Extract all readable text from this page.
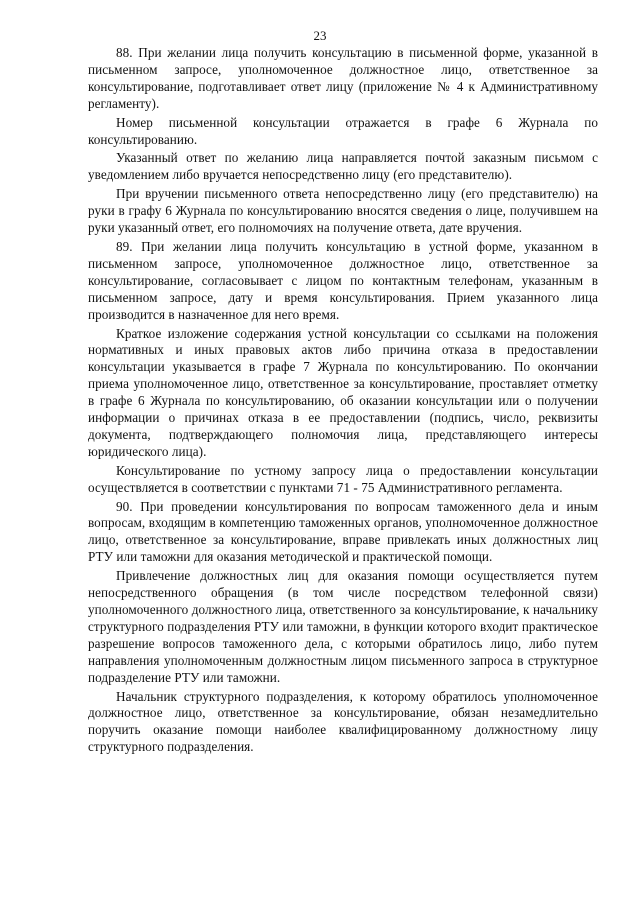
23

88. При желании лица получить консультацию в письменной форме, указанной в письменном запросе, уполномоченное должностное лицо, ответственное за консультирование, подготавливает ответ лицу (приложение № 4 к Административному регламенту).

Номер письменной консультации отражается в графе 6 Журнала по консультированию.

Указанный ответ по желанию лица направляется почтой заказным письмом с уведомлением либо вручается непосредственно лицу (его представителю).

При вручении письменного ответа непосредственно лицу (его представителю) на руки в графу 6 Журнала по консультированию вносятся сведения о лице, получившем на руки указанный ответ, его полномочиях на получение ответа, дате вручения.

89. При желании лица получить консультацию в устной форме, указанном в письменном запросе, уполномоченное должностное лицо, ответственное за консультирование, согласовывает с лицом по контактным телефонам, указанным в письменном запросе, дату и время консультирования. Прием указанного лица производится в назначенное для него время.

Краткое изложение содержания устной консультации со ссылками на положения нормативных и иных правовых актов либо причина отказа в предоставлении консультации указывается в графе 7 Журнала по консультированию. По окончании приема уполномоченное лицо, ответственное за консультирование, проставляет отметку в графе 6 Журнала по консультированию, об оказании консультации или о получении информации о причинах отказа в ее предоставлении (подпись, число, реквизиты документа, подтверждающего полномочия лица, представляющего интересы юридического лица).

Консультирование по устному запросу лица о предоставлении консультации осуществляется в соответствии с пунктами 71 - 75 Административного регламента.

90. При проведении консультирования по вопросам таможенного дела и иным вопросам, входящим в компетенцию таможенных органов, уполномоченное должностное лицо, ответственное за консультирование, вправе привлекать иных должностных лиц РТУ или таможни для оказания методической и практической помощи.

Привлечение должностных лиц для оказания помощи осуществляется путем непосредственного обращения (в том числе посредством телефонной связи) уполномоченного должностного лица, ответственного за консультирование, к начальнику структурного подразделения РТУ или таможни, в функции которого входит практическое разрешение вопросов таможенного дела, с которыми обратилось лицо, либо путем направления уполномоченным должностным лицом письменного запроса в структурное подразделение РТУ или таможни.

Начальник структурного подразделения, к которому обратилось уполномоченное должностное лицо, ответственное за консультирование, обязан незамедлительно поручить оказание помощи наиболее квалифицированному должностному лицу структурного подразделения.
